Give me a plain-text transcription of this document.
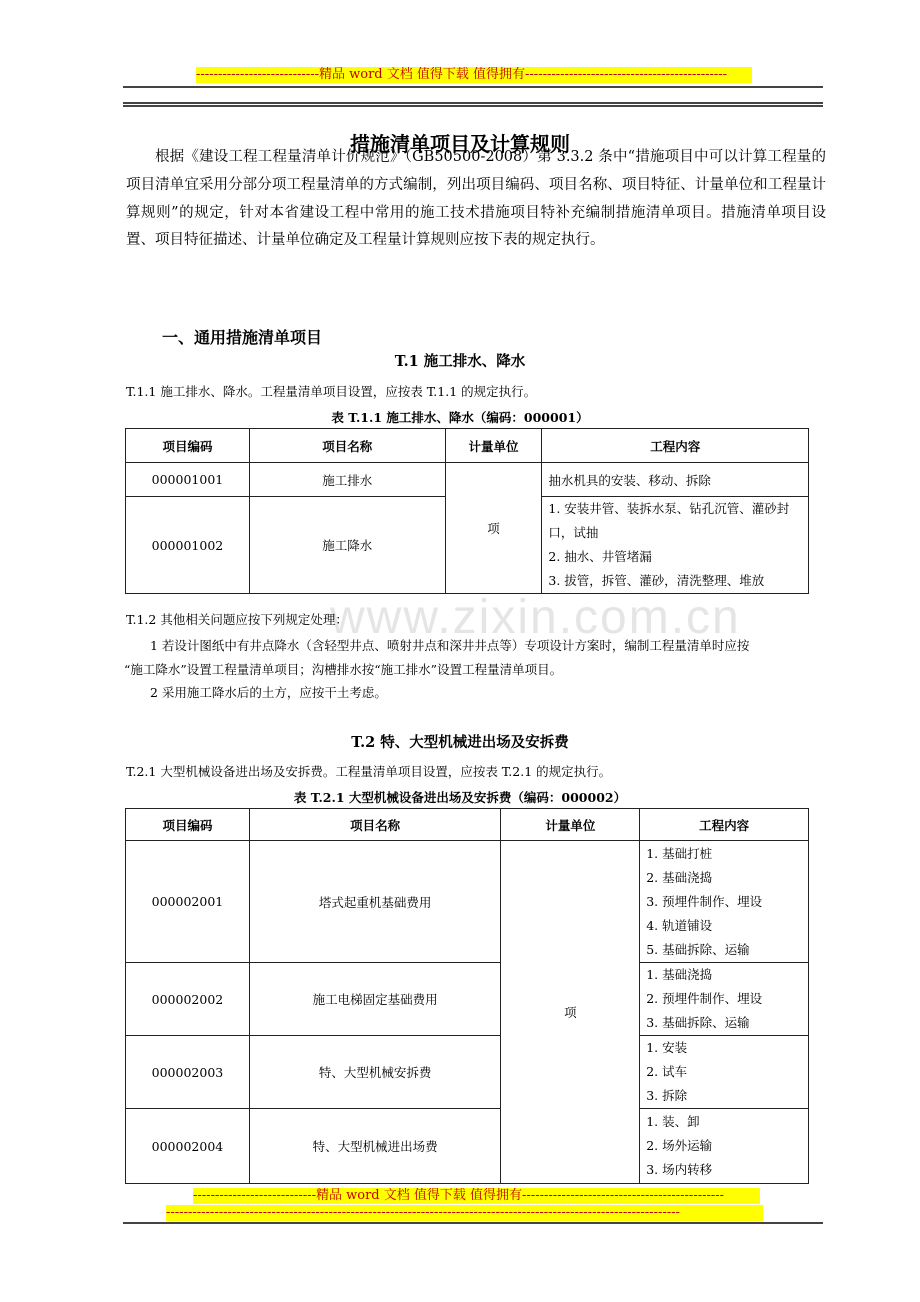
----------------------------精品 word 文档 值得下载 值得拥有----------------------------------------------
www.zixin.com.cn
措施清单项目及计算规则
根据《建设工程工程量清单计价规范》（GB50500-2008）第 3.3.2 条中“措施项目中可以计算工程量的项目清单宜采用分部分项工程量清单的方式编制，列出项目编码、项目名称、项目特征、计量单位和工程量计算规则”的规定，针对本省建设工程中常用的施工技术措施项目特补充编制措施清单项目。措施清单项目设置、项目特征描述、计量单位确定及工程量计算规则应按下表的规定执行。
一、通用措施清单项目
T.1 施工排水、降水
T.1.1 施工排水、降水。工程量清单项目设置，应按表 T.1.1 的规定执行。
表 T.1.1 施工排水、降水（编码：000001）
项目编码	项目名称	计量单位	工程内容
000001001	施工排水	项	抽水机具的安装、移动、拆除
000001002	施工降水		1. 安装井管、装拆水泵、钻孔沉管、灌砂封口，试抽
2. 抽水、井管堵漏
3. 拔管，拆管、灌砂，清洗整理、堆放
T.1.2 其他相关问题应按下列规定处理：
1 若设计图纸中有井点降水（含轻型井点、喷射井点和深井井点等）专项设计方案时，编制工程量清单时应按
“施工降水”设置工程量清单项目；沟槽排水按“施工排水”设置工程量清单项目。
2 采用施工降水后的土方，应按干土考虑。
T.2 特、大型机械进出场及安拆费
T.2.1 大型机械设备进出场及安拆费。工程量清单项目设置，应按表 T.2.1 的规定执行。
表 T.2.1 大型机械设备进出场及安拆费（编码：000002）
项目编码	项目名称	计量单位	工程内容
000002001	塔式起重机基础费用	项	1. 基础打桩
2. 基础浇捣
3. 预埋件制作、埋设
4. 轨道铺设
5. 基础拆除、运输

000002002	施工电梯固定基础费用		1. 基础浇捣
2. 预埋件制作、埋设
3. 基础拆除、运输

000002003	特、大型机械安拆费		1. 安装
2. 试车
3. 拆除

000002004	特、大型机械进出场费		1. 装、卸
2. 场外运输
3. 场内转移
----------------------------精品 word 文档 值得下载 值得拥有----------------------------------------------
---------------------------------------------------------------------------------------------------------------------
